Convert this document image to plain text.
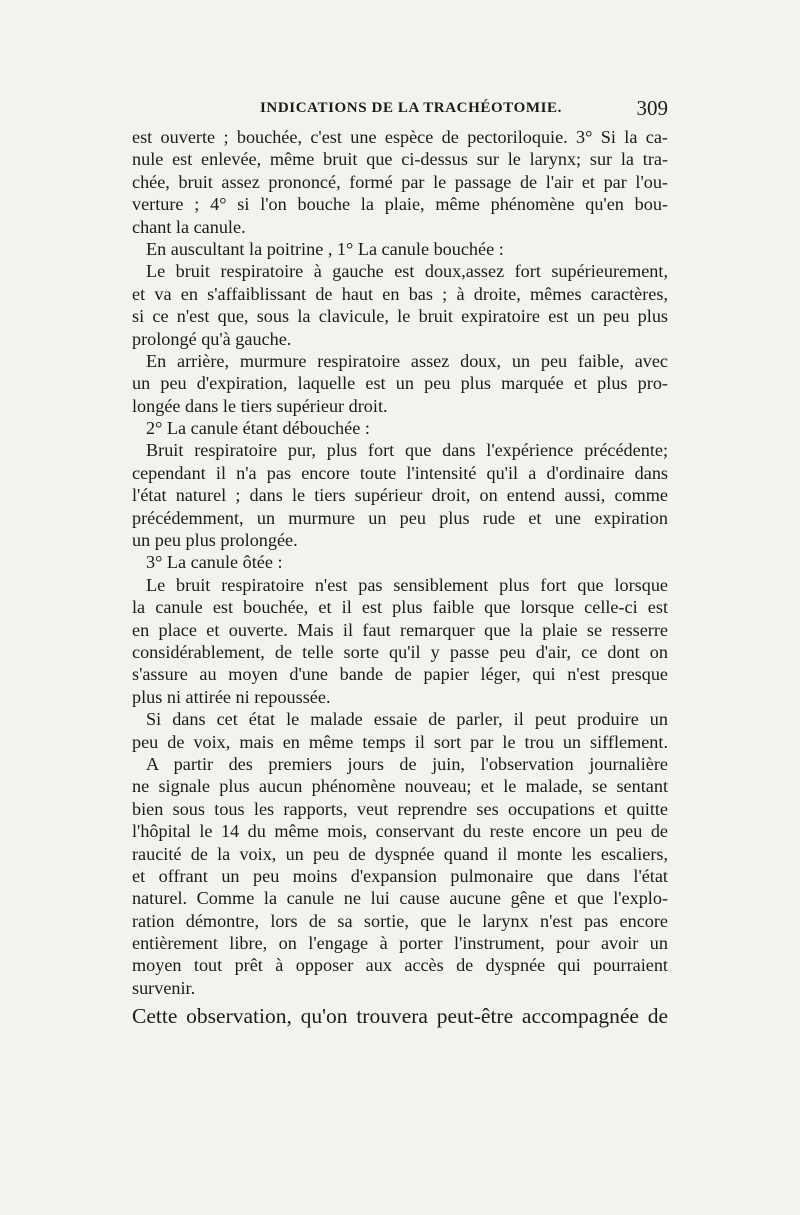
INDICATIONS DE LA TRACHÉOTOMIE.	309
est ouverte ; bouchée, c'est une espèce de pectoriloquie. 3° Si la ca-
nule est enlevée, même bruit que ci-dessus sur le larynx; sur la tra-
chée, bruit assez prononcé, formé par le passage de l'air et par l'ou-
verture ; 4° si l'on bouche la plaie, même phénomène qu'en bou-
chant la canule.
En auscultant la poitrine , 1° La canule bouchée :
Le bruit respiratoire à gauche est doux,assez fort supérieurement,
et va en s'affaiblissant de haut en bas ; à droite, mêmes caractères,
si ce n'est que, sous la clavicule, le bruit expiratoire est un peu plus
prolongé qu'à gauche.
En arrière, murmure respiratoire assez doux, un peu faible, avec
un peu d'expiration, laquelle est un peu plus marquée et plus pro-
longée dans le tiers supérieur droit.
2° La canule étant débouchée :
Bruit respiratoire pur, plus fort que dans l'expérience précédente;
cependant il n'a pas encore toute l'intensité qu'il a d'ordinaire dans
l'état naturel ; dans le tiers supérieur droit, on entend aussi, comme
précédemment, un murmure un peu plus rude et une expiration
un peu plus prolongée.
3° La canule ôtée :
Le bruit respiratoire n'est pas sensiblement plus fort que lorsque
la canule est bouchée, et il est plus faible que lorsque celle-ci est
en place et ouverte. Mais il faut remarquer que la plaie se resserre
considérablement, de telle sorte qu'il y passe peu d'air, ce dont on
s'assure au moyen d'une bande de papier léger, qui n'est presque
plus ni attirée ni repoussée.
Si dans cet état le malade essaie de parler, il peut produire un
peu de voix, mais en même temps il sort par le trou un sifflement.
A partir des premiers jours de juin, l'observation journalière
ne signale plus aucun phénomène nouveau; et le malade, se sentant
bien sous tous les rapports, veut reprendre ses occupations et quitte
l'hôpital le 14 du même mois, conservant du reste encore un peu de
raucité de la voix, un peu de dyspnée quand il monte les escaliers,
et offrant un peu moins d'expansion pulmonaire que dans l'état
naturel. Comme la canule ne lui cause aucune gêne et que l'explo-
ration démontre, lors de sa sortie, que le larynx n'est pas encore
entièrement libre, on l'engage à porter l'instrument, pour avoir un
moyen tout prêt à opposer aux accès de dyspnée qui pourraient
survenir.
Cette observation, qu'on trouvera peut-être accompagnée de
